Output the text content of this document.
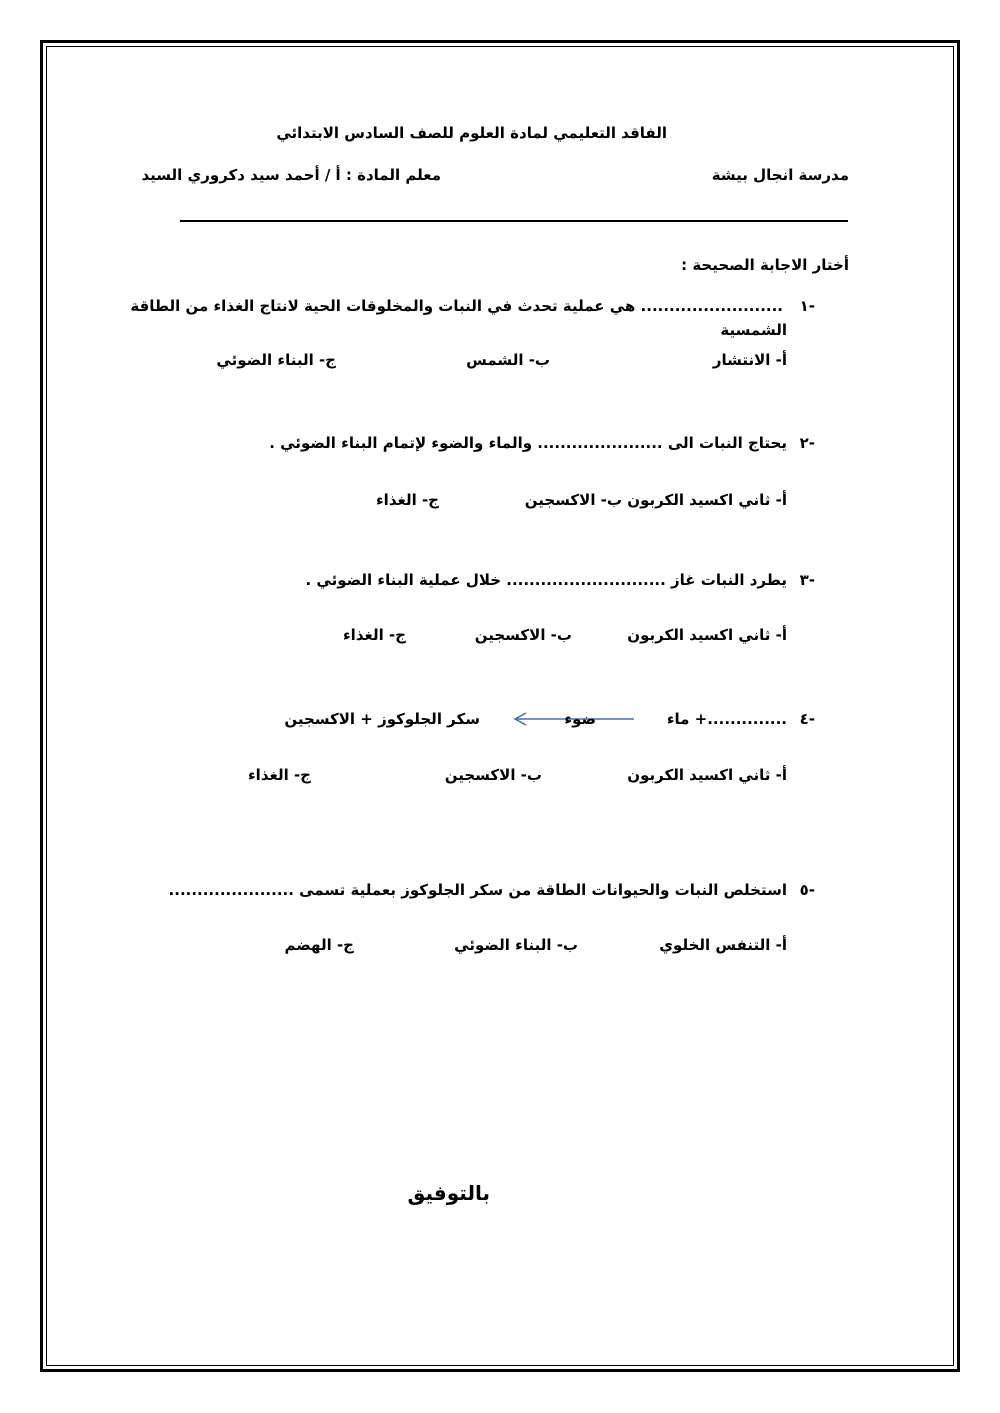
الفاقد التعليمي لمادة العلوم للصف السادس الابتدائي
مدرسة انجال بيشة
معلم المادة : أ / أحمد سيد دكروري السيد
أختار الاجابة الصحيحة :
-١
......................... هي عملية تحدث في النبات والمخلوقات الحية لانتاج الغذاء من الطاقة
الشمسية
أ- الانتشار
ب- الشمس
ج- البناء الضوئي
-٢
يحتاج النبات الى ...................... والماء والضوء لإتمام البناء الضوئي .
أ- ثاني اكسيد الكربون
ب- الاكسجين
ج- الغذاء
-٣
يطرد النبات غاز ............................ خلال عملية البناء الضوئي .
أ- ثاني اكسيد الكربون
ب- الاكسجين
ج- الغذاء
-٤
..............+ ماء
ضوء
سكر الجلوكوز + الاكسجين
أ- ثاني اكسيد الكربون
ب- الاكسجين
ج- الغذاء
-٥
استخلص النبات والحيوانات الطاقة من سكر الجلوكوز بعملية تسمى ......................
أ- التنفس الخلوي
ب- البناء الضوئي
ج- الهضم
بالتوفيق
